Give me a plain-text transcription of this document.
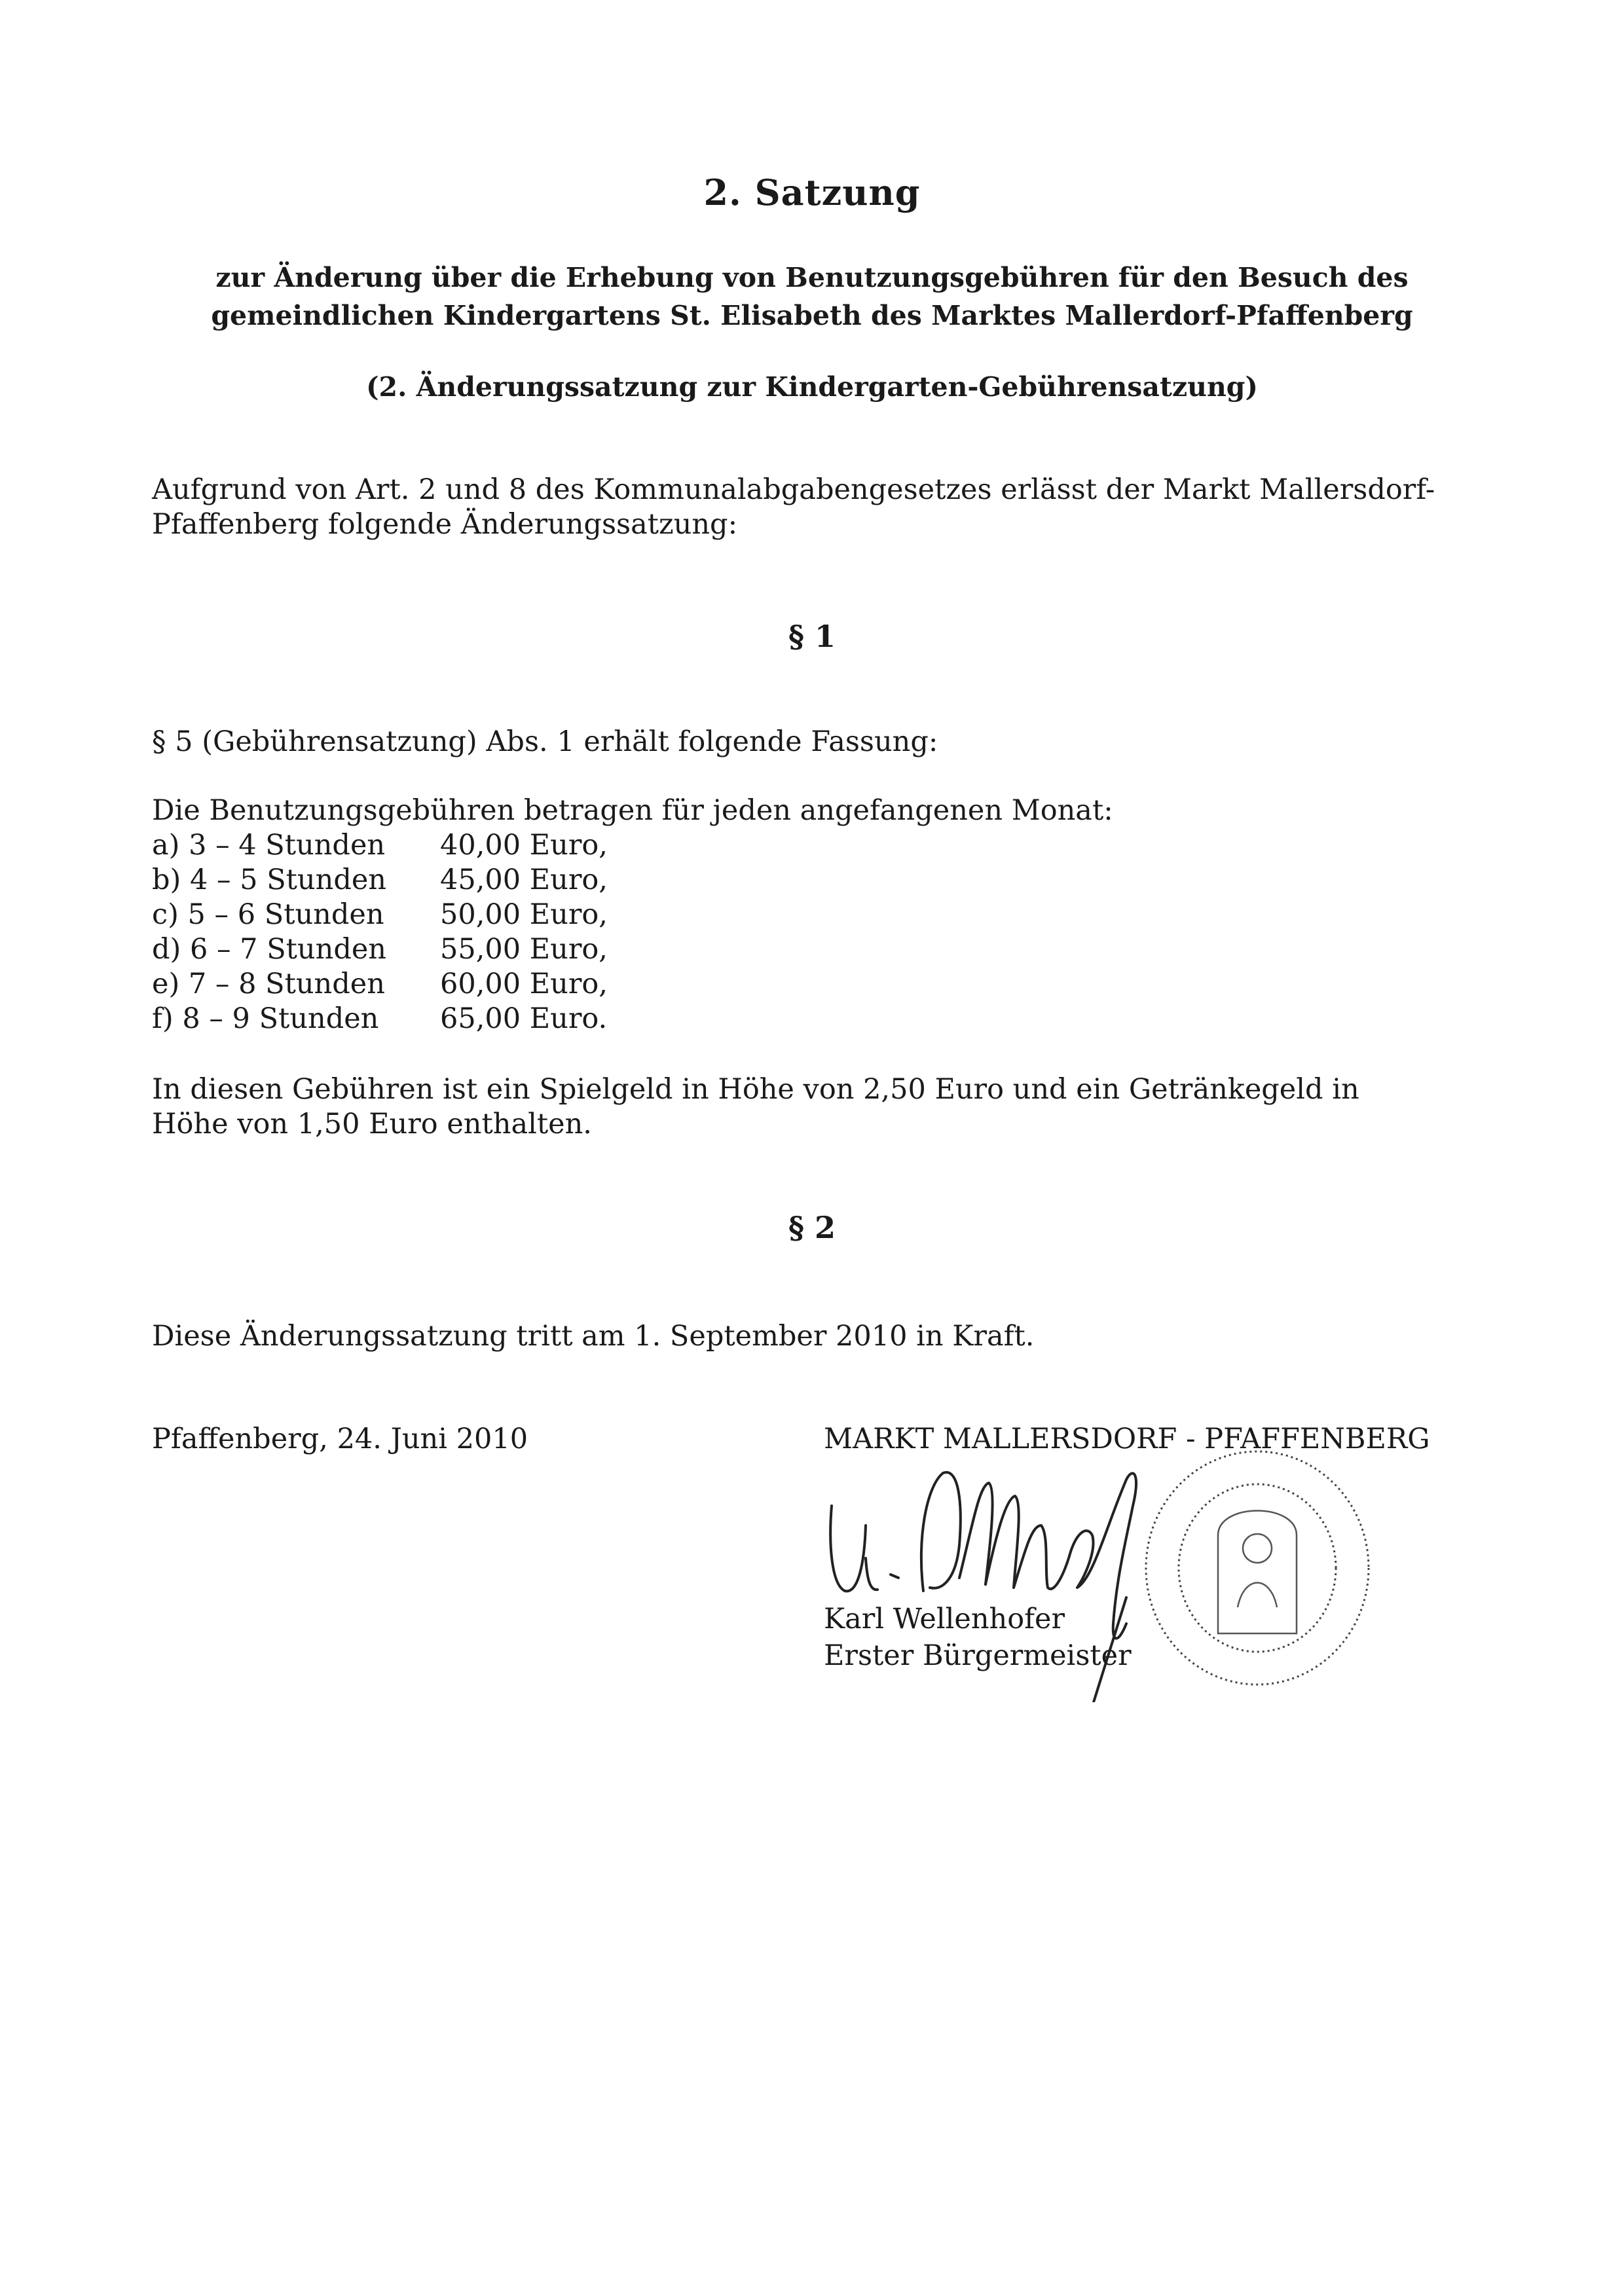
2. Satzung
zur Änderung über die Erhebung von Benutzungsgebühren für den Besuch des
gemeindlichen Kindergartens St. Elisabeth des Marktes Mallerdorf-Pfaffenberg
(2. Änderungssatzung zur Kindergarten-Gebührensatzung)
Aufgrund von Art. 2 und 8 des Kommunalabgabengesetzes erlässt der Markt Mallersdorf-
Pfaffenberg folgende Änderungssatzung:
§ 1
§ 5 (Gebührensatzung) Abs. 1 erhält folgende Fassung:
Die Benutzungsgebühren betragen für jeden angefangenen Monat:
a) 3 – 4 Stunden 40,00 Euro,
b) 4 – 5 Stunden 45,00 Euro,
c) 5 – 6 Stunden 50,00 Euro,
d) 6 – 7 Stunden 55,00 Euro,
e) 7 – 8 Stunden 60,00 Euro,
f) 8 – 9 Stunden 65,00 Euro.
In diesen Gebühren ist ein Spielgeld in Höhe von 2,50 Euro und ein Getränkegeld in
Höhe von 1,50 Euro enthalten.
§ 2
Diese Änderungssatzung tritt am 1. September 2010 in Kraft.
Pfaffenberg, 24. Juni 2010	MARKT MALLERSDORF - PFAFFENBERG
Karl Wellenhofer
Erster Bürgermeister
